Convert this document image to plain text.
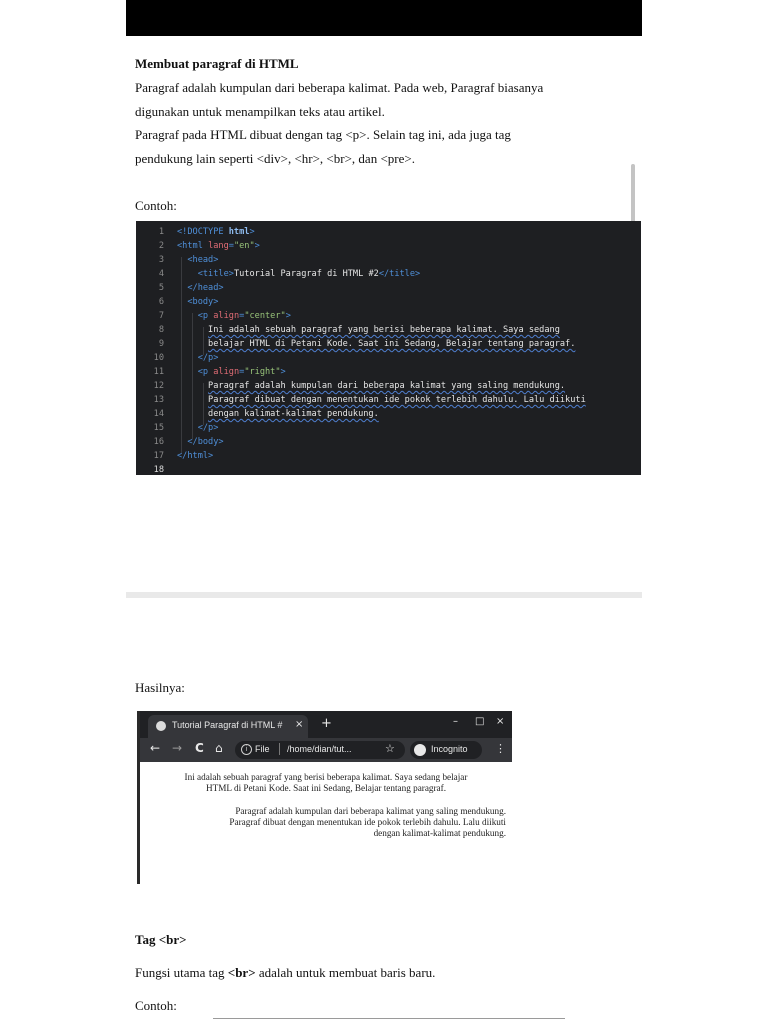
Membuat paragraf di HTML
Paragraf adalah kumpulan dari beberapa kalimat. Pada web, Paragraf biasanya
digunakan untuk menampilkan teks atau artikel.
Paragraf pada HTML dibuat dengan tag <p>. Selain tag ini, ada juga tag
pendukung lain seperti <div>, <hr>, <br>, dan <pre>.
Contoh:
1 <!DOCTYPE html>
2 <html lang="en">
3	<head>
4	<title>Tutorial Paragraf di HTML #2</title>
5	</head>
6	<body>
7	<p align="center">
8	Ini adalah sebuah paragraf yang berisi beberapa kalimat. Saya sedang
9	belajar HTML di Petani Kode. Saat ini Sedang, Belajar tentang paragraf.
10	</p>
11	<p align="right">
12	Paragraf adalah kumpulan dari beberapa kalimat yang saling mendukung.
13	Paragraf dibuat dengan menentukan ide pokok terlebih dahulu. Lalu diikuti
14	dengan kalimat-kalimat pendukung.
15	</p>
16	</body>
17 </html>
18
Hasilnya:
Tutorial Paragraf di HTML # × +	– □ ×
← → C ⌂	i File /home/dian/tut...	☆	Incognito ⋮
Ini adalah sebuah paragraf yang berisi beberapa kalimat. Saya sedang belajar
HTML di Petani Kode. Saat ini Sedang, Belajar tentang paragraf.
Paragraf adalah kumpulan dari beberapa kalimat yang saling mendukung.
Paragraf dibuat dengan menentukan ide pokok terlebih dahulu. Lalu diikuti
dengan kalimat-kalimat pendukung.
Tag <br>
Fungsi utama tag <br> adalah untuk membuat baris baru.
Contoh:
